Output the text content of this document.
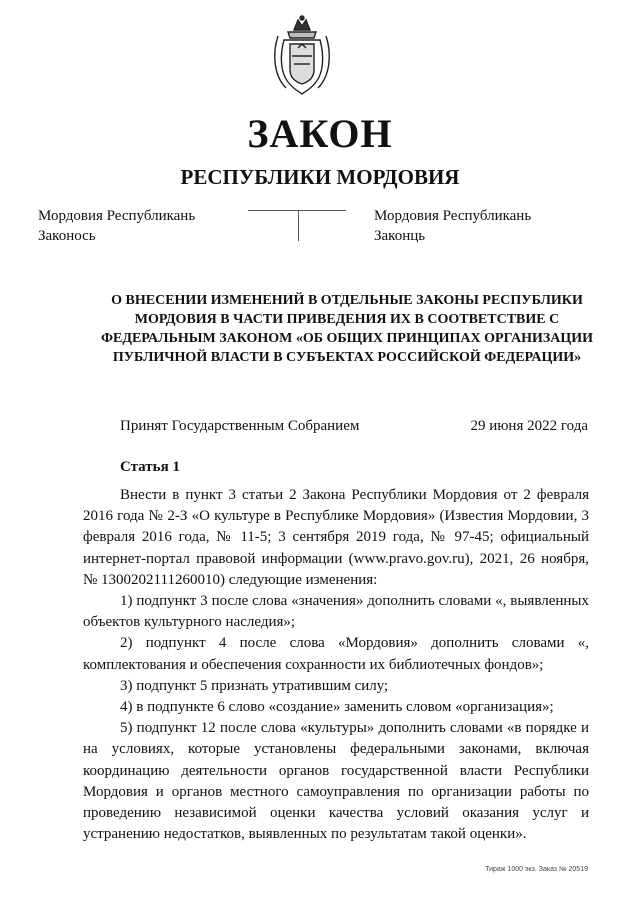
ЗАКОН
РЕСПУБЛИКИ МОРДОВИЯ
Мордовия Республикань
Законось
Мордовия Республикань
Законць
О ВНЕСЕНИИ ИЗМЕНЕНИЙ В ОТДЕЛЬНЫЕ ЗАКОНЫ РЕСПУБЛИКИ МОРДОВИЯ В ЧАСТИ ПРИВЕДЕНИЯ ИХ В СООТВЕТСТВИЕ С ФЕДЕРАЛЬНЫМ ЗАКОНОМ «ОБ ОБЩИХ ПРИНЦИПАХ ОРГАНИЗАЦИИ ПУБЛИЧНОЙ ВЛАСТИ В СУБЪЕКТАХ РОССИЙСКОЙ ФЕДЕРАЦИИ»
Принят Государственным Собранием	29 июня 2022 года
Статья 1

Внести в пункт 3 статьи 2 Закона Республики Мордовия от 2 февраля 2016 года № 2-З «О культуре в Республике Мордовия» (Известия Мордовии, 3 февраля 2016 года, № 11-5; 3 сентября 2019 года, № 97-45; официальный интернет-портал правовой информации (www.pravo.gov.ru), 2021, 26 ноября, № 1300202111260010) следующие изменения:

1) подпункт 3 после слова «значения» дополнить словами «, выявленных объектов культурного наследия»;

2) подпункт 4 после слова «Мордовия» дополнить словами «, комплектования и обеспечения сохранности их библиотечных фондов»;

3) подпункт 5 признать утратившим силу;

4) в подпункте 6 слово «создание» заменить словом «организация»;

5) подпункт 12 после слова «культуры» дополнить словами «в порядке и на условиях, которые установлены федеральными законами, включая координацию деятельности органов государственной власти Республики Мордовия и органов местного самоуправления по организации работы по проведению независимой оценки качества условий оказания услуг и устранению недостатков, выявленных по результатам такой оценки».

Тираж 1000 экз. Заказ № 20519
